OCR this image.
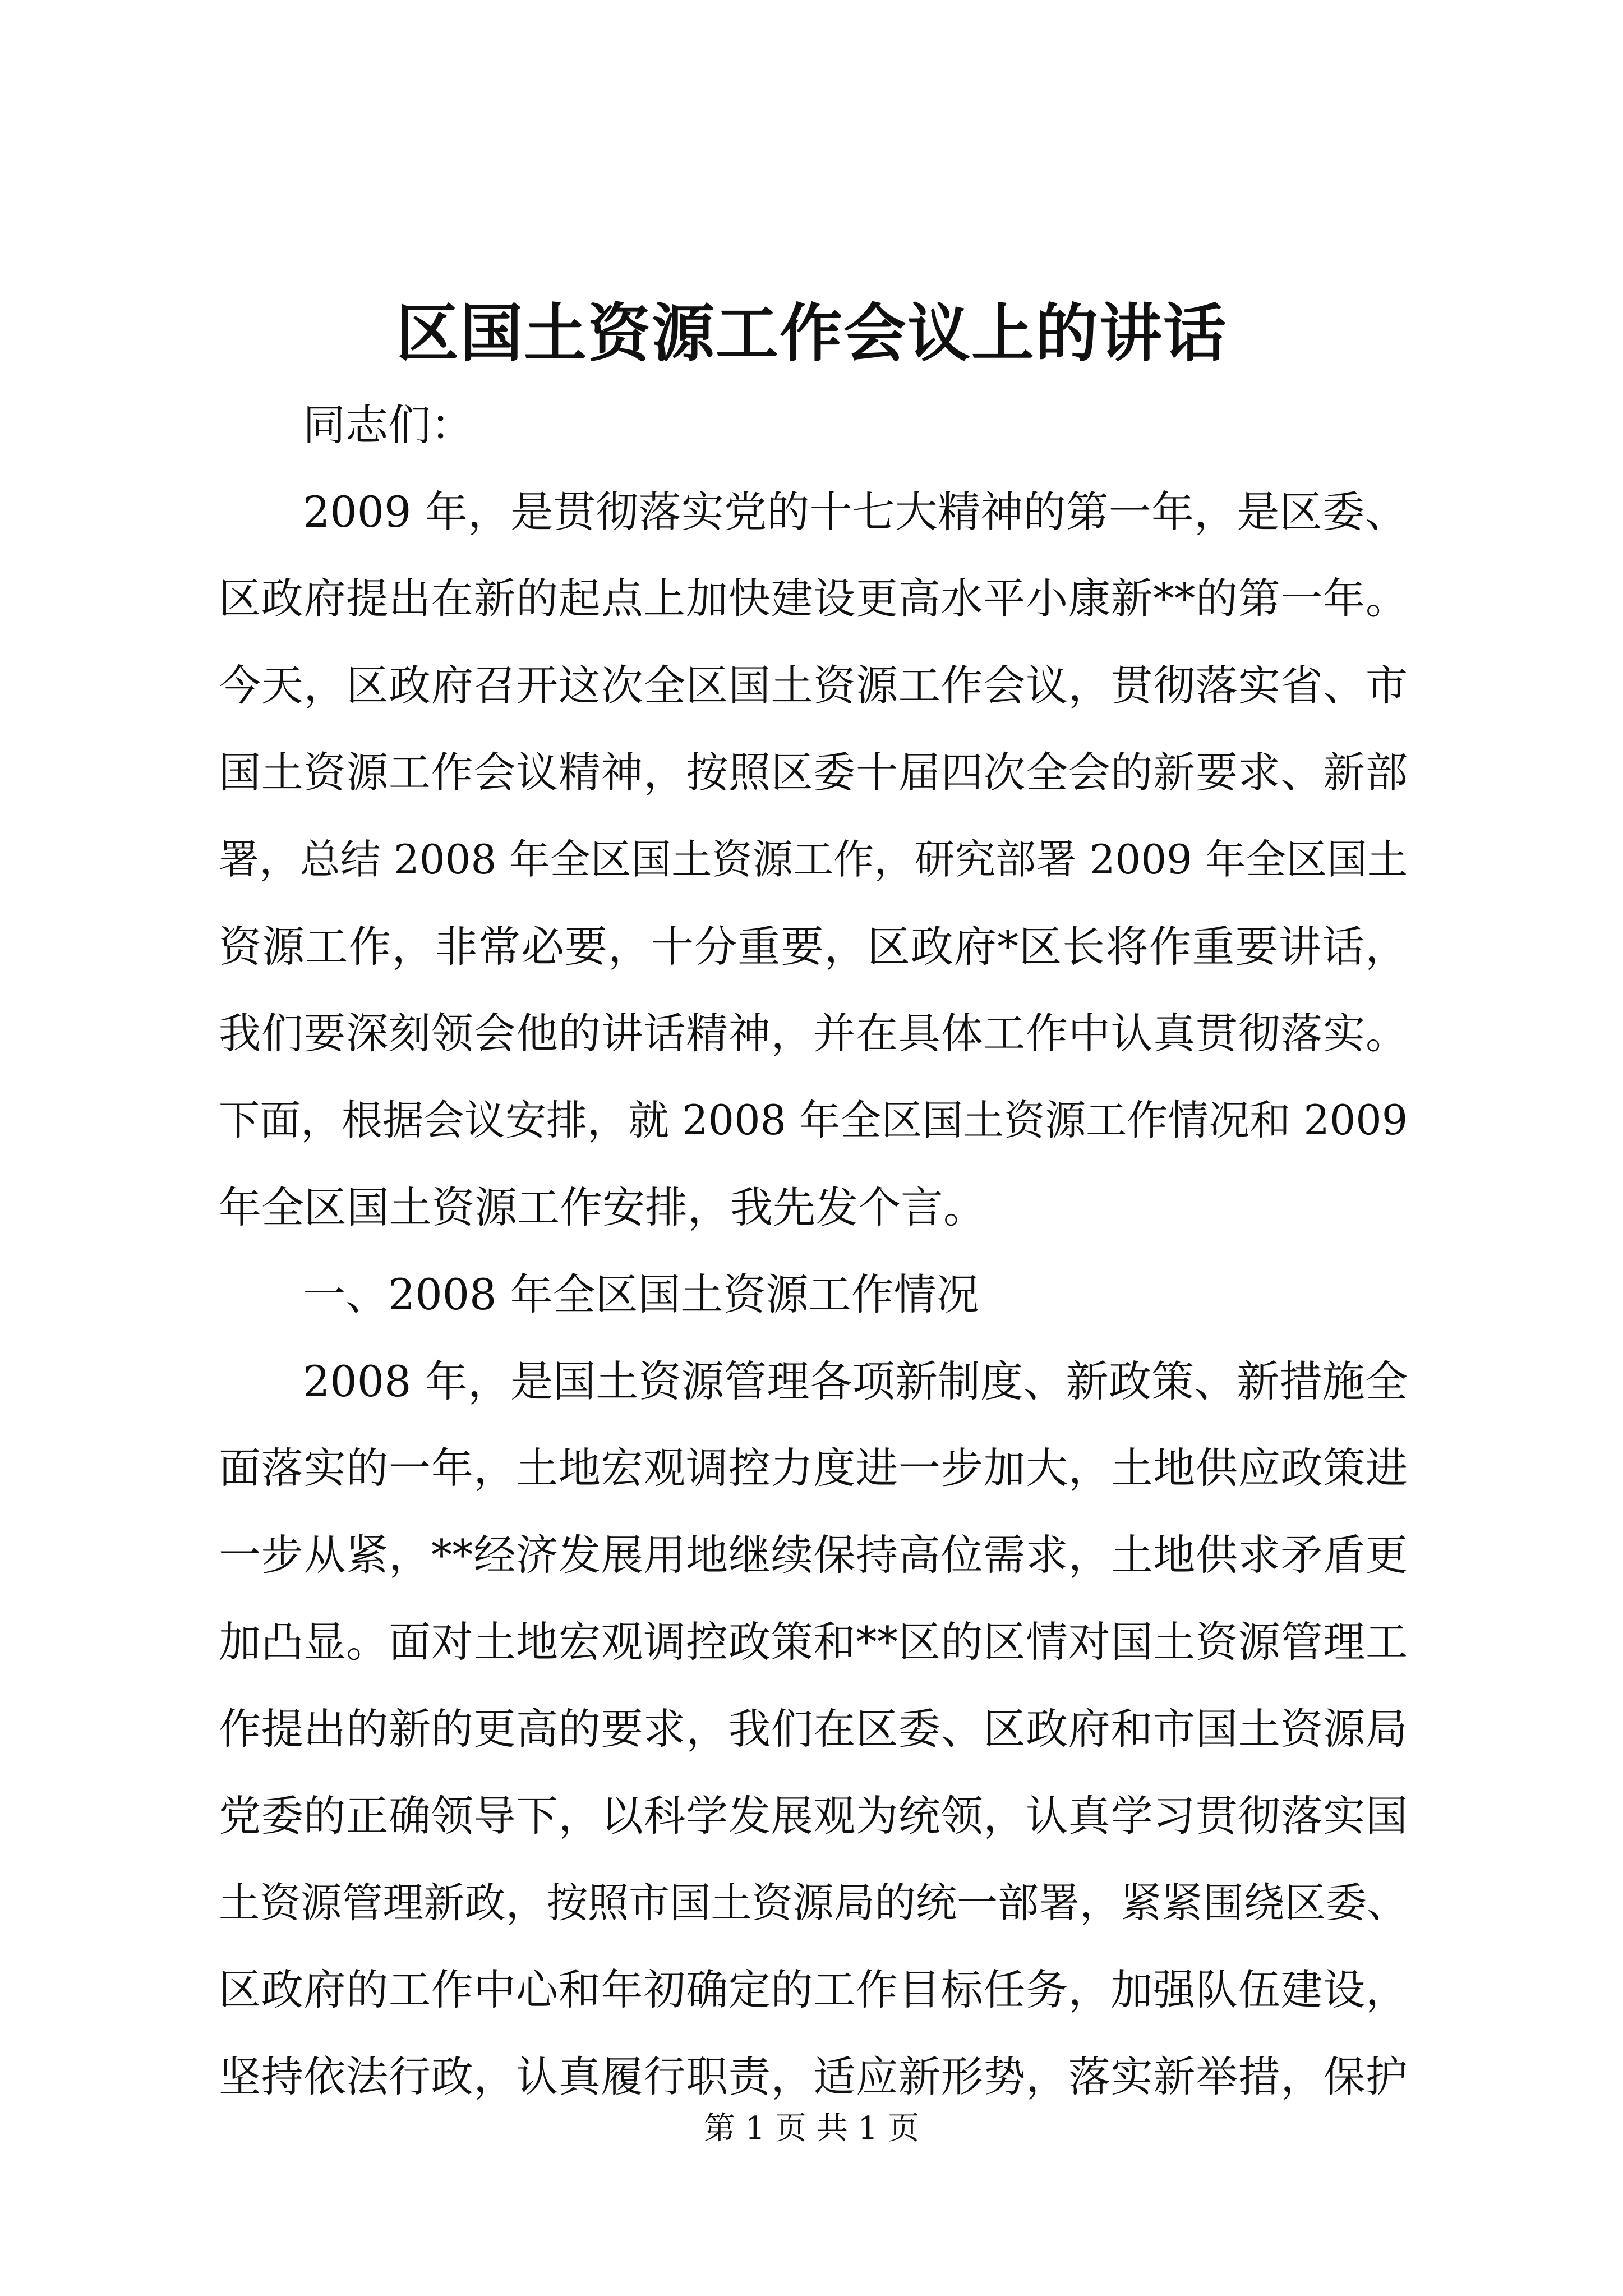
区国土资源工作会议上的讲话
同志们：
2009 年，是贯彻落实党的十七大精神的第一年，是区委、
区政府提出在新的起点上加快建设更高水平小康新**的第一年。
今天，区政府召开这次全区国土资源工作会议，贯彻落实省、市
国土资源工作会议精神，按照区委十届四次全会的新要求、新部
署，总结 2008 年全区国土资源工作，研究部署 2009 年全区国土
资源工作，非常必要，十分重要，区政府*区长将作重要讲话，
我们要深刻领会他的讲话精神，并在具体工作中认真贯彻落实。
下面，根据会议安排，就 2008 年全区国土资源工作情况和 2009
年全区国土资源工作安排，我先发个言。
一、2008 年全区国土资源工作情况
2008 年，是国土资源管理各项新制度、新政策、新措施全
面落实的一年，土地宏观调控力度进一步加大，土地供应政策进
一步从紧，**经济发展用地继续保持高位需求，土地供求矛盾更
加凸显。面对土地宏观调控政策和**区的区情对国土资源管理工
作提出的新的更高的要求，我们在区委、区政府和市国土资源局
党委的正确领导下，以科学发展观为统领，认真学习贯彻落实国
土资源管理新政，按照市国土资源局的统一部署，紧紧围绕区委、
区政府的工作中心和年初确定的工作目标任务，加强队伍建设，
坚持依法行政，认真履行职责，适应新形势，落实新举措，保护
第 1 页 共 1 页
